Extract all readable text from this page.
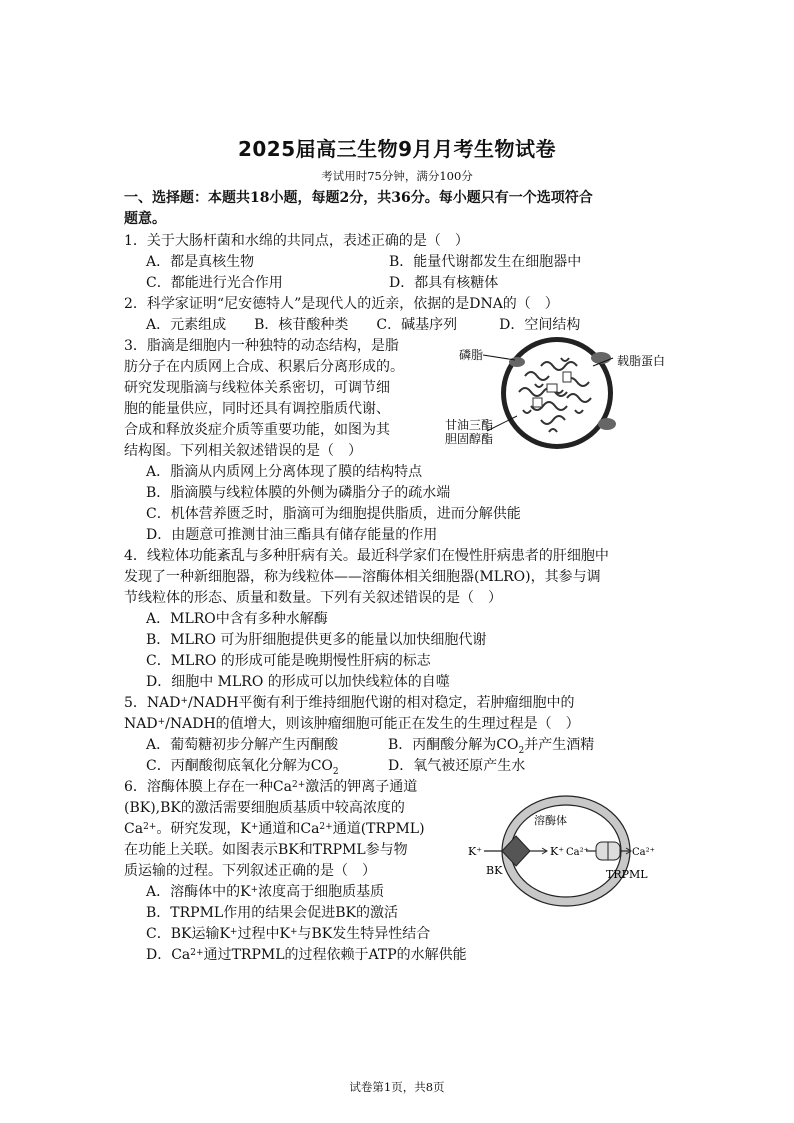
2025届高三生物9月月考生物试卷
考试用时75分钟，满分100分
一、选择题：本题共18小题，每题2分，共36分。每小题只有一个选项符合
题意。
1．关于大肠杆菌和水绵的共同点，表述正确的是（　）
A．都是真核生物	B．能量代谢都发生在细胞器中
C．都能进行光合作用	D．都具有核糖体
2．科学家证明“尼安德特人”是现代人的近亲，依据的是DNA的（　）
A．元素组成　　B．核苷酸种类　　C．碱基序列　　　D．空间结构
3．脂滴是细胞内一种独特的动态结构，是脂
肪分子在内质网上合成、积累后分离形成的。
研究发现脂滴与线粒体关系密切，可调节细
胞的能量供应，同时还具有调控脂质代谢、
合成和释放炎症介质等重要功能，如图为其
结构图。下列相关叙述错误的是（　）
磷脂	载脂蛋白
甘油三酯
胆固醇酯
A．脂滴从内质网上分离体现了膜的结构特点
B．脂滴膜与线粒体膜的外侧为磷脂分子的疏水端
C．机体营养匮乏时，脂滴可为细胞提供脂质，进而分解供能
D．由题意可推测甘油三酯具有储存能量的作用
4．线粒体功能紊乱与多种肝病有关。最近科学家们在慢性肝病患者的肝细胞中
发现了一种新细胞器，称为线粒体——溶酶体相关细胞器(MLRO)，其参与调
节线粒体的形态、质量和数量。下列有关叙述错误的是（　）
A．MLRO中含有多种水解酶
B．MLRO 可为肝细胞提供更多的能量以加快细胞代谢
C．MLRO 的形成可能是晚期慢性肝病的标志
D．细胞中 MLRO 的形成可以加快线粒体的自噬
5．NAD+/NADH平衡有利于维持细胞代谢的相对稳定，若肿瘤细胞中的
NAD+/NADH的值增大，则该肿瘤细胞可能正在发生的生理过程是（　）
A．葡萄糖初步分解产生丙酮酸	B．丙酮酸分解为$CO_2$并产生酒精
C．丙酮酸彻底氧化分解为$CO_2$	D．氧气被还原产生水
6．溶酶体膜上存在一种$Ca^{2+}$激活的钾离子通道
(BK),BK的激活需要细胞质基质中较高浓度的
$Ca^{2+}$。研究发现，K+通道和$Ca^{2+}$通道(TRPML)
在功能上关联。如图表示BK和TRPML参与物
质运输的过程。下列叙述正确的是（　）
溶酶体
K⁺	K⁺ Ca²⁺	Ca²⁺
BK	TRPML
A．溶酶体中的K+浓度高于细胞质基质
B．TRPML作用的结果会促进BK的激活
C．BK运输K+过程中K+与BK发生特异性结合
D．$Ca^{2+}$通过TRPML的过程依赖于ATP的水解供能
试卷第1页，共8页
